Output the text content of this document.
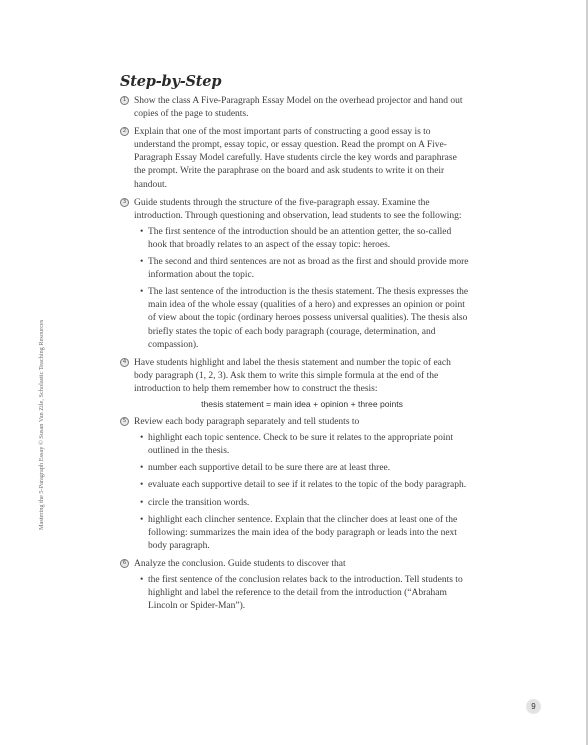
Mastering the 5-Paragraph Essay © Susan Van Zile, Scholastic Teaching Resources
Step-by-Step
1 Show the class A Five-Paragraph Essay Model on the overhead projector and hand out copies of the page to students.
2 Explain that one of the most important parts of constructing a good essay is to understand the prompt, essay topic, or essay question. Read the prompt on A Five-Paragraph Essay Model carefully. Have students circle the key words and paraphrase the prompt. Write the paraphrase on the board and ask students to write it on their handout.
3 Guide students through the structure of the five-paragraph essay. Examine the introduction. Through questioning and observation, lead students to see the following:
• The first sentence of the introduction should be an attention getter, the so-called hook that broadly relates to an aspect of the essay topic: heroes.
• The second and third sentences are not as broad as the first and should provide more information about the topic.
• The last sentence of the introduction is the thesis statement. The thesis expresses the main idea of the whole essay (qualities of a hero) and expresses an opinion or point of view about the topic (ordinary heroes possess universal qualities). The thesis also briefly states the topic of each body paragraph (courage, determination, and compassion).
4 Have students highlight and label the thesis statement and number the topic of each body paragraph (1, 2, 3). Ask them to write this simple formula at the end of the introduction to help them remember how to construct the thesis:
thesis statement = main idea + opinion + three points
5 Review each body paragraph separately and tell students to
• highlight each topic sentence. Check to be sure it relates to the appropriate point outlined in the thesis.
• number each supportive detail to be sure there are at least three.
• evaluate each supportive detail to see if it relates to the topic of the body paragraph.
• circle the transition words.
• highlight each clincher sentence. Explain that the clincher does at least one of the following: summarizes the main idea of the body paragraph or leads into the next body paragraph.
6 Analyze the conclusion. Guide students to discover that
• the first sentence of the conclusion relates back to the introduction. Tell students to highlight and label the reference to the detail from the introduction (“Abraham Lincoln or Spider-Man”).
9
